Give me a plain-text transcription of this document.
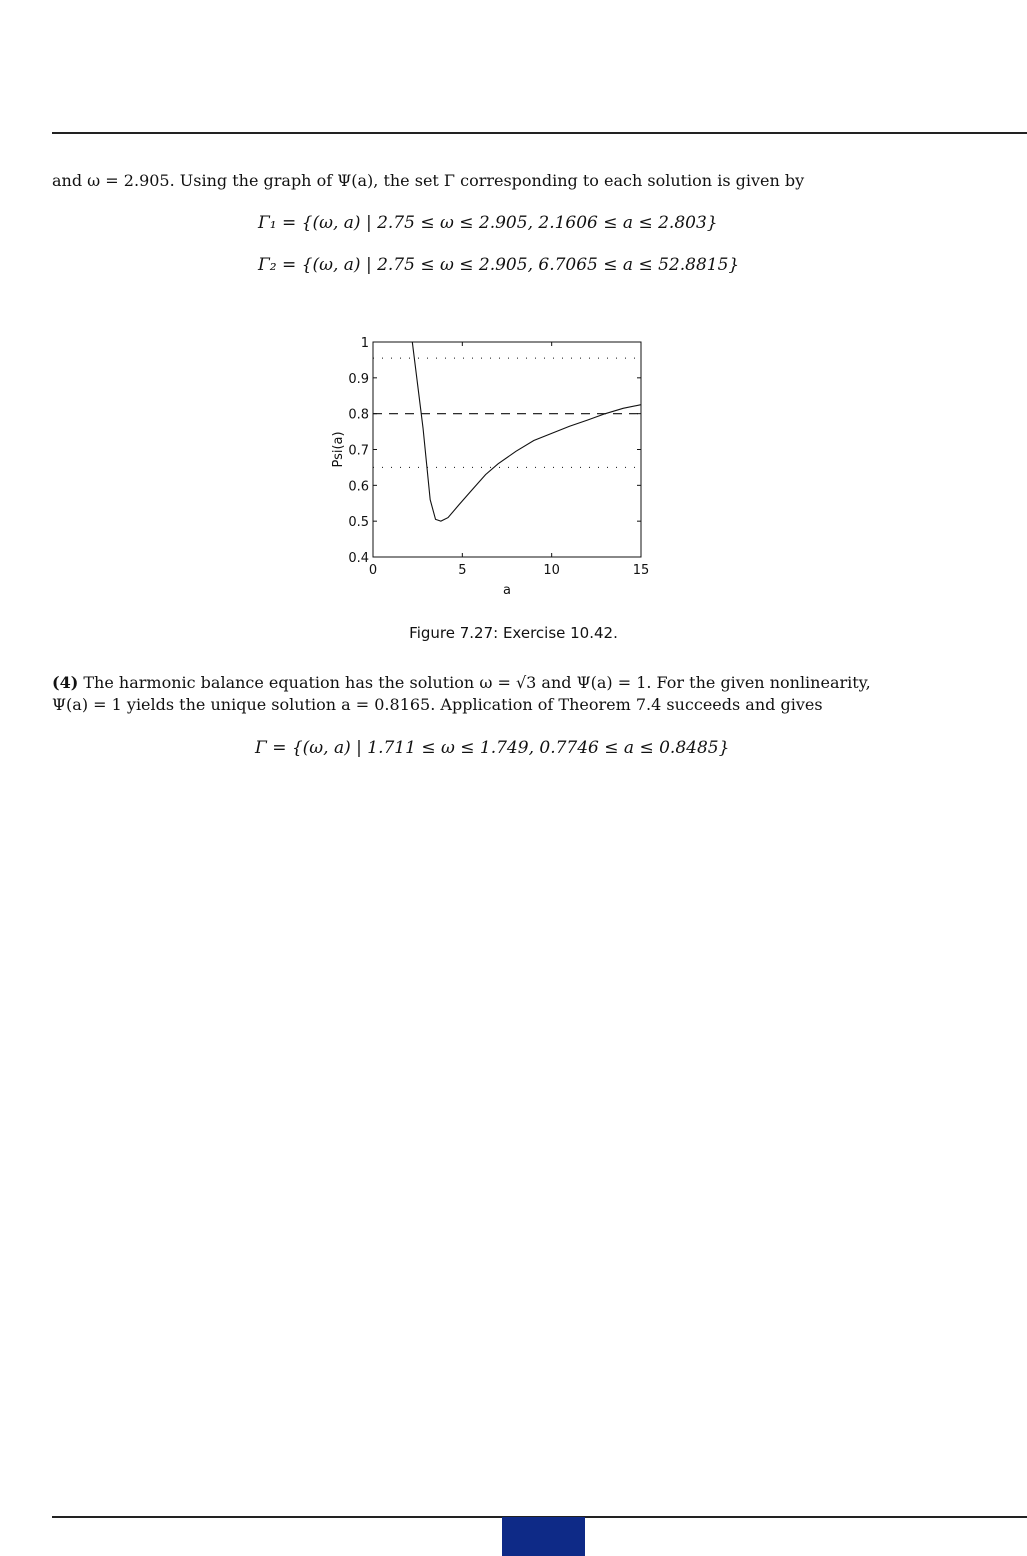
and ω = 2.905. Using the graph of Ψ(a), the set Γ corresponding to each solution is given by
Γ₁ = {(ω, a) | 2.75 ≤ ω ≤ 2.905, 2.1606 ≤ a ≤ 2.803}
Γ₂ = {(ω, a) | 2.75 ≤ ω ≤ 2.905, 6.7065 ≤ a ≤ 52.8815}
0	5	10	15
0.4
0.5
0.6
0.7
0.8
0.9
1
a
Psi(a)
Figure 7.27: Exercise 10.42.
(4) The harmonic balance equation has the solution ω = √3 and Ψ(a) = 1. For the given nonlinearity,
Ψ(a) = 1 yields the unique solution a = 0.8165. Application of Theorem 7.4 succeeds and gives
Γ = {(ω, a) | 1.711 ≤ ω ≤ 1.749, 0.7746 ≤ a ≤ 0.8485}
